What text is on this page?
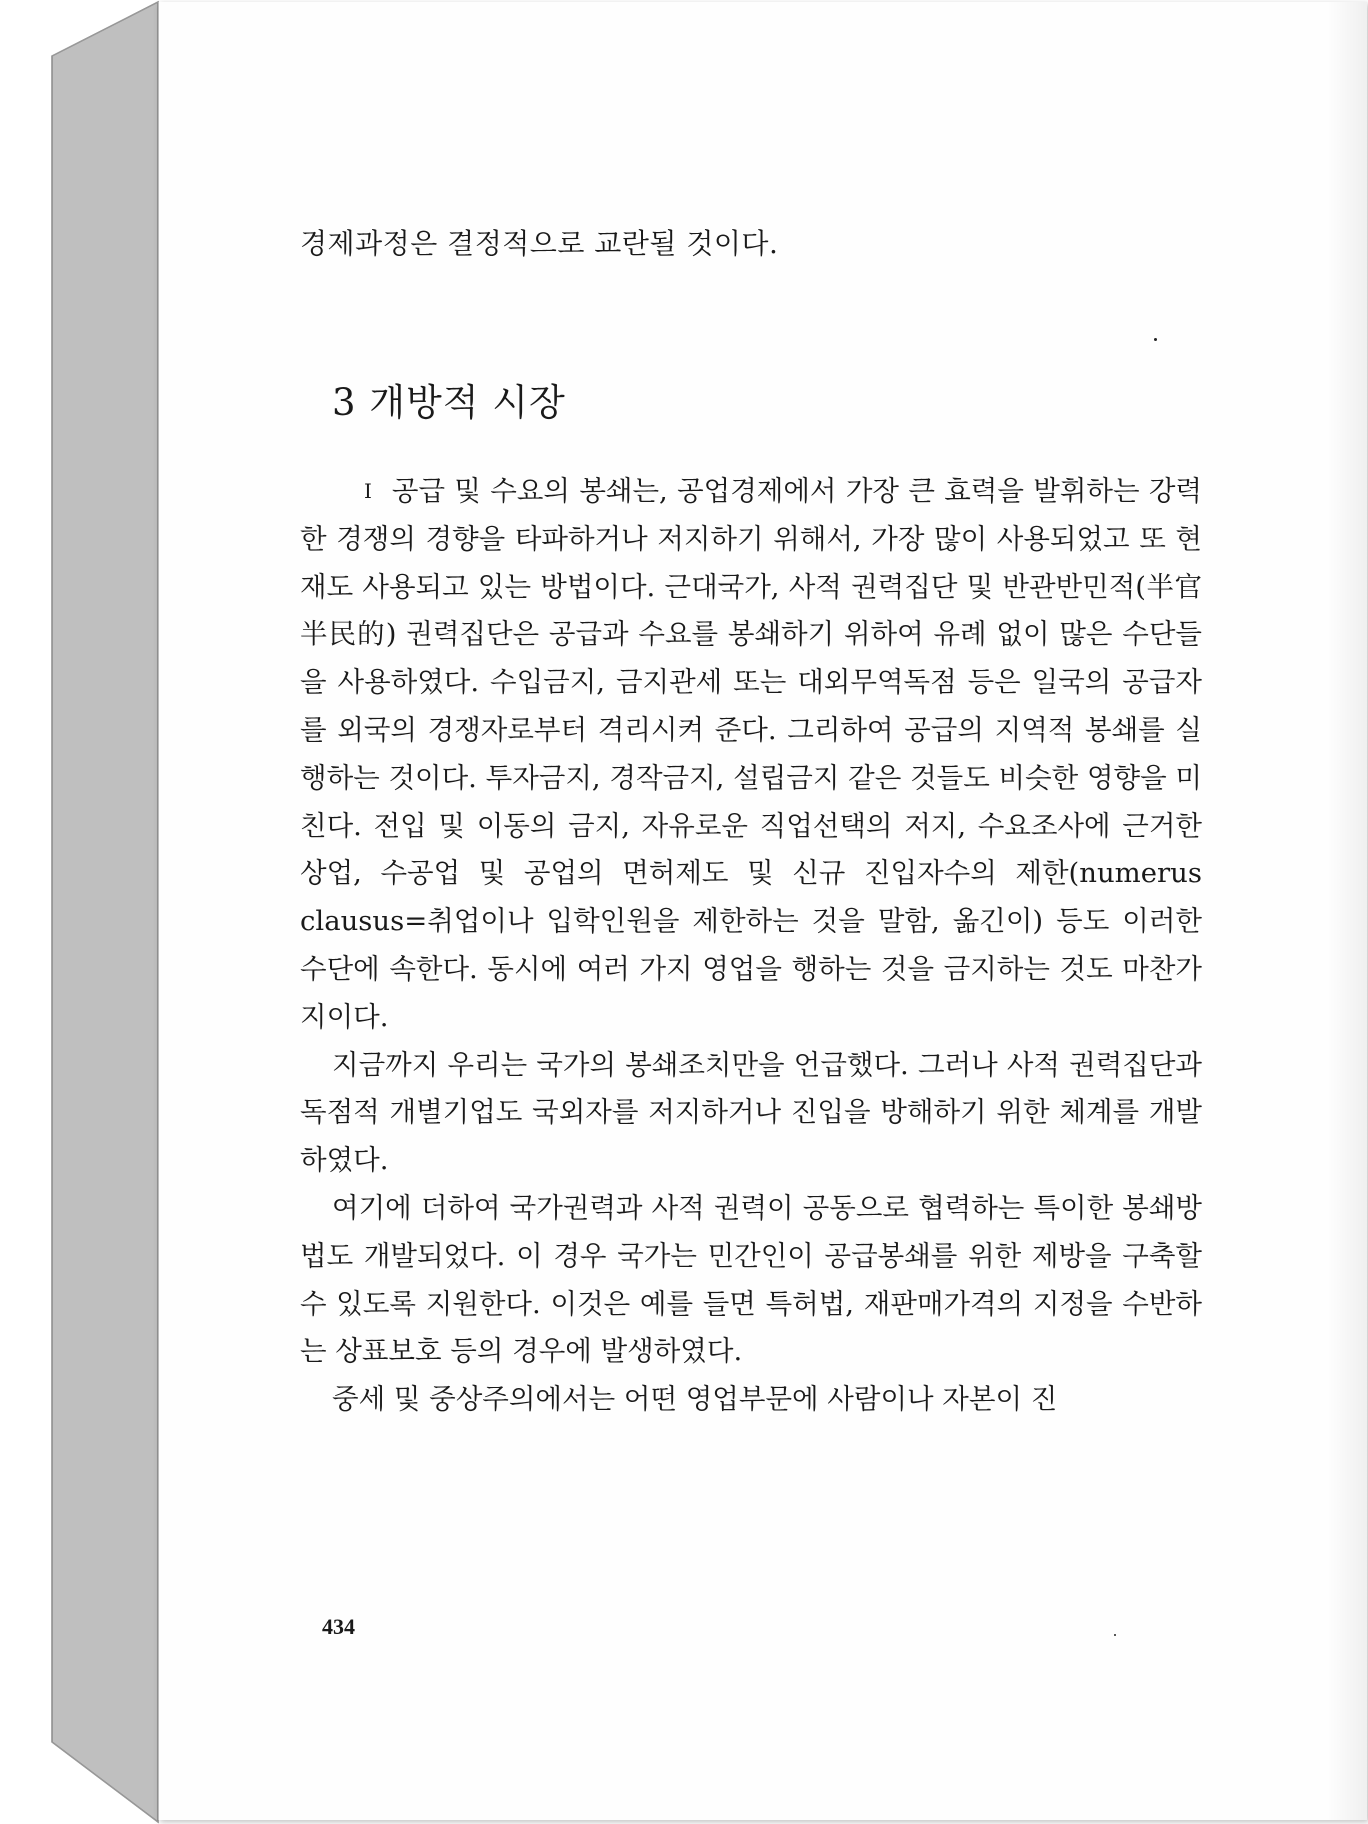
경제과정은 결정적으로 교란될 것이다.
3 개방적 시장

I 공급 및 수요의 봉쇄는, 공업경제에서 가장 큰 효력을 발휘하는 강력한 경쟁의 경향을 타파하거나 저지하기 위해서, 가장 많이 사용되었고 또 현재도 사용되고 있는 방법이다. 근대국가, 사적 권력집단 및 반관반민적(半官半民的) 권력집단은 공급과 수요를 봉쇄하기 위하여 유례 없이 많은 수단들을 사용하였다. 수입금지, 금지관세 또는 대외무역독점 등은 일국의 공급자를 외국의 경쟁자로부터 격리시켜 준다. 그리하여 공급의 지역적 봉쇄를 실행하는 것이다. 투자금지, 경작금지, 설립금지 같은 것들도 비슷한 영향을 미친다. 전입 및 이동의 금지, 자유로운 직업선택의 저지, 수요조사에 근거한 상업, 수공업 및 공업의 면허제도 및 신규 진입자수의 제한(numerus clausus=취업이나 입학인원을 제한하는 것을 말함, 옮긴이) 등도 이러한 수단에 속한다. 동시에 여러 가지 영업을 행하는 것을 금지하는 것도 마찬가지이다.

지금까지 우리는 국가의 봉쇄조치만을 언급했다. 그러나 사적 권력집단과 독점적 개별기업도 국외자를 저지하거나 진입을 방해하기 위한 체계를 개발하였다.

여기에 더하여 국가권력과 사적 권력이 공동으로 협력하는 특이한 봉쇄방법도 개발되었다. 이 경우 국가는 민간인이 공급봉쇄를 위한 제방을 구축할 수 있도록 지원한다. 이것은 예를 들면 특허법, 재판매가격의 지정을 수반하는 상표보호 등의 경우에 발생하였다.

중세 및 중상주의에서는 어떤 영업부문에 사람이나 자본이 진

434
